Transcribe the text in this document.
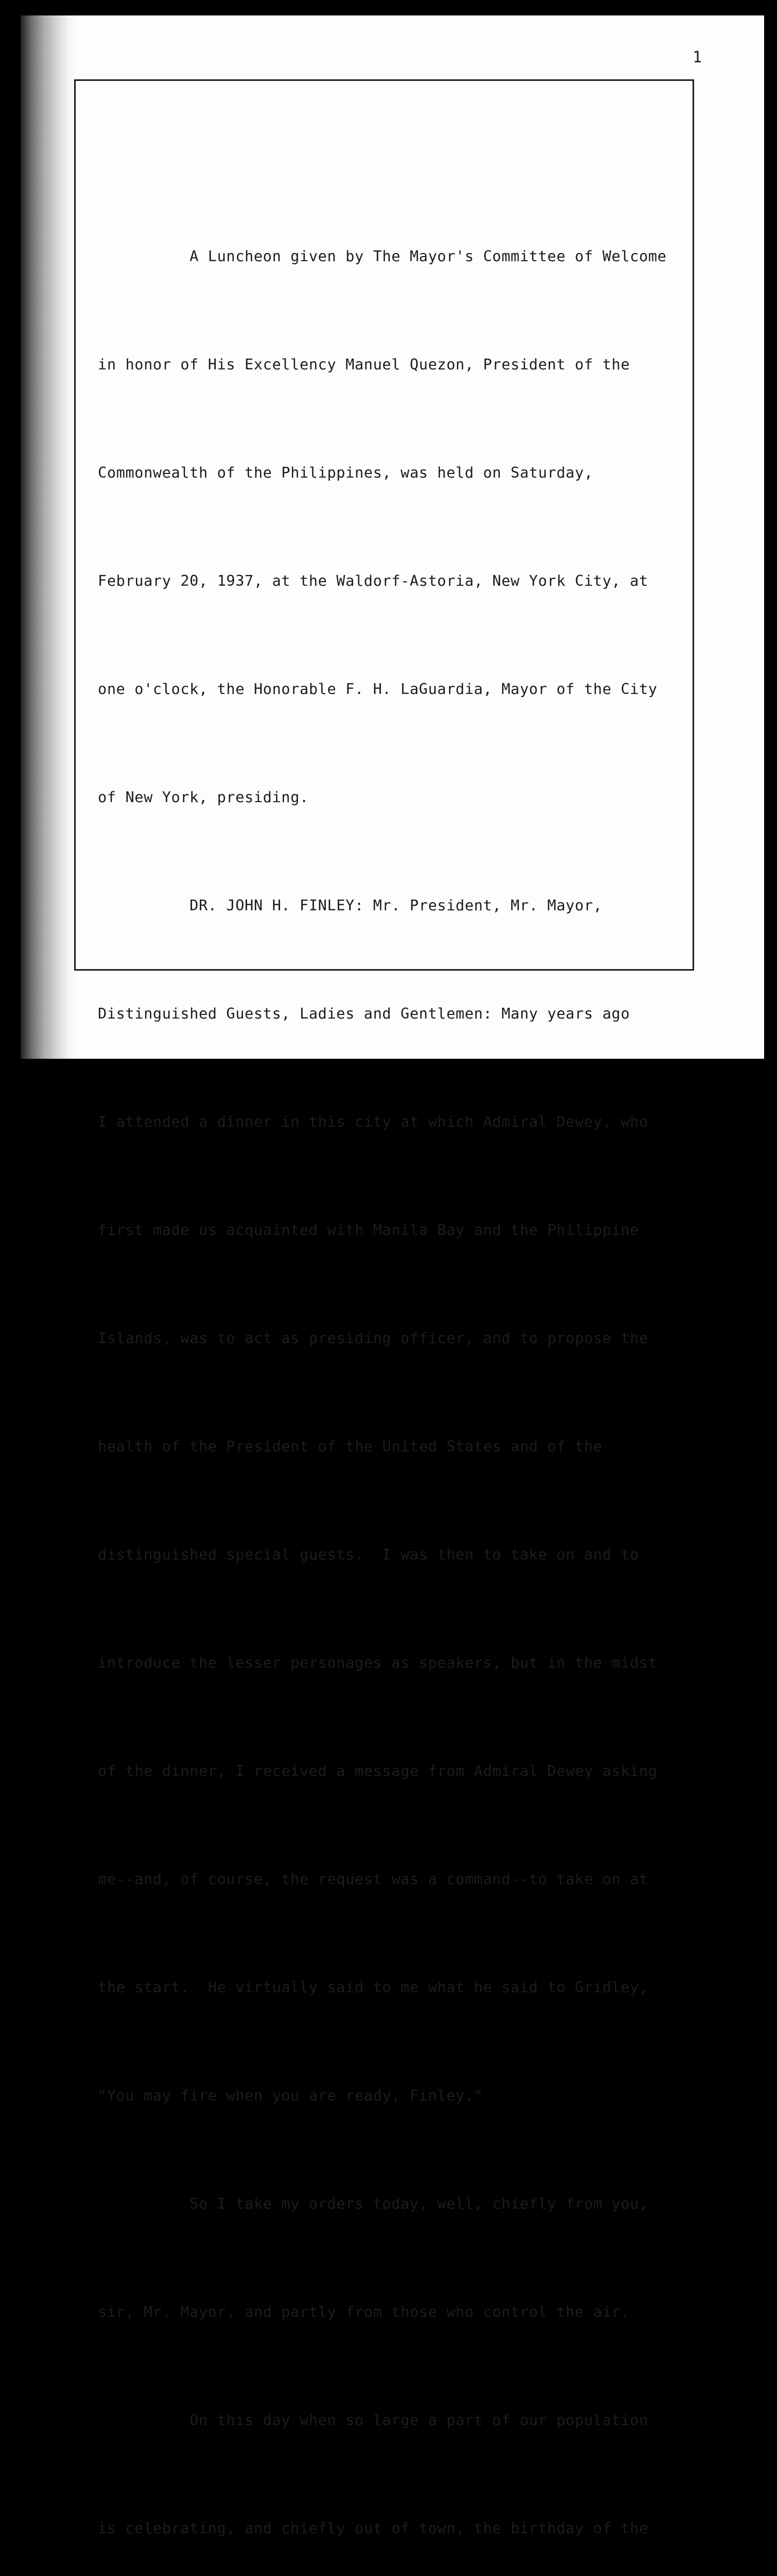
1

A Luncheon given by The Mayor's Committee of Welcome

in honor of His Excellency Manuel Quezon, President of the

Commonwealth of the Philippines, was held on Saturday,

February 20, 1937, at the Waldorf-Astoria, New York City, at

one o'clock, the Honorable F. H. LaGuardia, Mayor of the City

of New York, presiding.

DR. JOHN H. FINLEY: Mr. President, Mr. Mayor,

Distinguished Guests, Ladies and Gentlemen: Many years ago

I attended a dinner in this city at which Admiral Dewey, who

first made us acquainted with Manila Bay and the Philippine

Islands, was to act as presiding officer, and to propose the

health of the President of the United States and of the

distinguished special guests.  I was then to take on and to

introduce the lesser personages as speakers, but in the midst

of the dinner, I received a message from Admiral Dewey asking

me--and, of course, the request was a command--to take on at

the start.  He virtually said to me what he said to Gridley,

"You may fire when you are ready, Finley."

So I take my orders today, well, chiefly from you,

sir, Mr. Mayor, and partly from those who control the air.

On this day when so large a part of our population

is celebrating, and chiefly out of town, the birthday of the
